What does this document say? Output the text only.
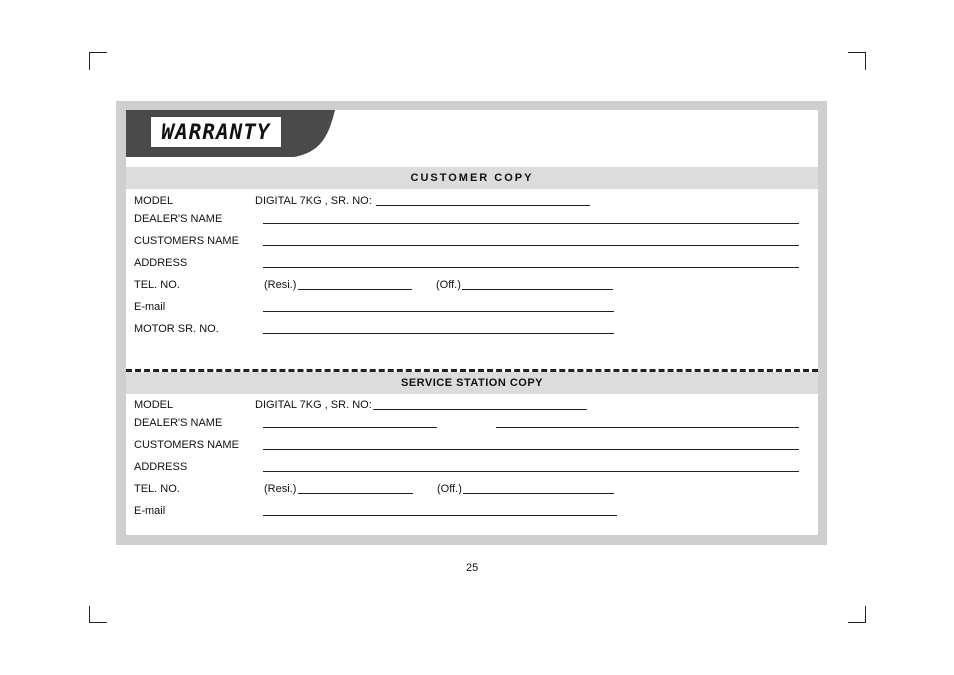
WARRANTY
CUSTOMER COPY
MODEL	DIGITAL 7KG , SR. NO:
DEALER'S NAME
CUSTOMERS NAME
ADDRESS
TEL. NO.	(Resi.)	(Off.)
E-mail
MOTOR SR. NO.
SERVICE STATION COPY
MODEL	DIGITAL 7KG , SR. NO:
DEALER'S NAME
CUSTOMERS NAME
ADDRESS
TEL. NO.	(Resi.)	(Off.)
E-mail
25
